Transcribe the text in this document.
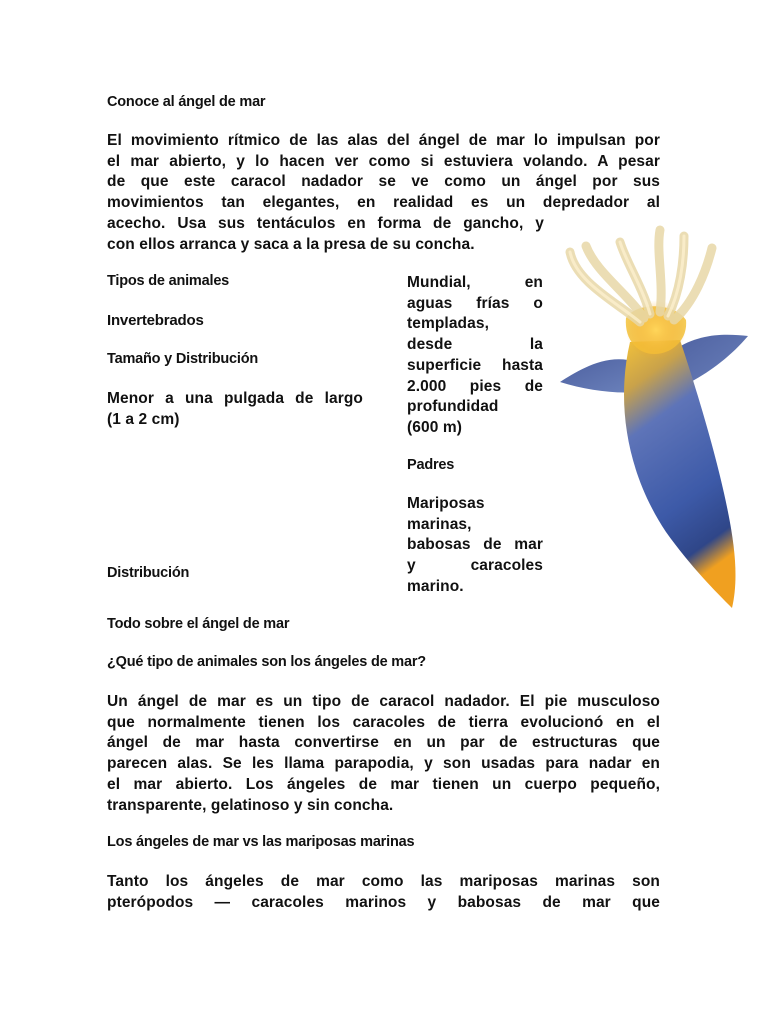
Conoce al ángel de mar

El movimiento rítmico de las alas del ángel de mar lo impulsan por
el mar abierto, y lo hacen ver como si estuviera volando. A pesar
de que este caracol nadador se ve como un ángel por sus
movimientos tan elegantes, en realidad es un depredador al
acecho. Usa sus tentáculos en forma de gancho, y
con ellos arranca y saca a la presa de su concha.

Tipos de animales

Invertebrados

Tamaño y Distribución

Menor a una pulgada de largo
(1 a 2 cm)

Distribución

Mundial, en
aguas frías o
templadas,
desde la
superficie hasta
2.000 pies de
profundidad
(600 m)

Padres

Mariposas
marinas,
babosas de mar
y caracoles
marino.

Todo sobre el ángel de mar

¿Qué tipo de animales son los ángeles de mar?

Un ángel de mar es un tipo de caracol nadador. El pie musculoso
que normalmente tienen los caracoles de tierra evolucionó en el
ángel de mar hasta convertirse en un par de estructuras que
parecen alas. Se les llama parapodia, y son usadas para nadar en
el mar abierto. Los ángeles de mar tienen un cuerpo pequeño,
transparente, gelatinoso y sin concha.

Los ángeles de mar vs las mariposas marinas

Tanto los ángeles de mar como las mariposas marinas son
pterópodos — caracoles marinos y babosas de mar que
